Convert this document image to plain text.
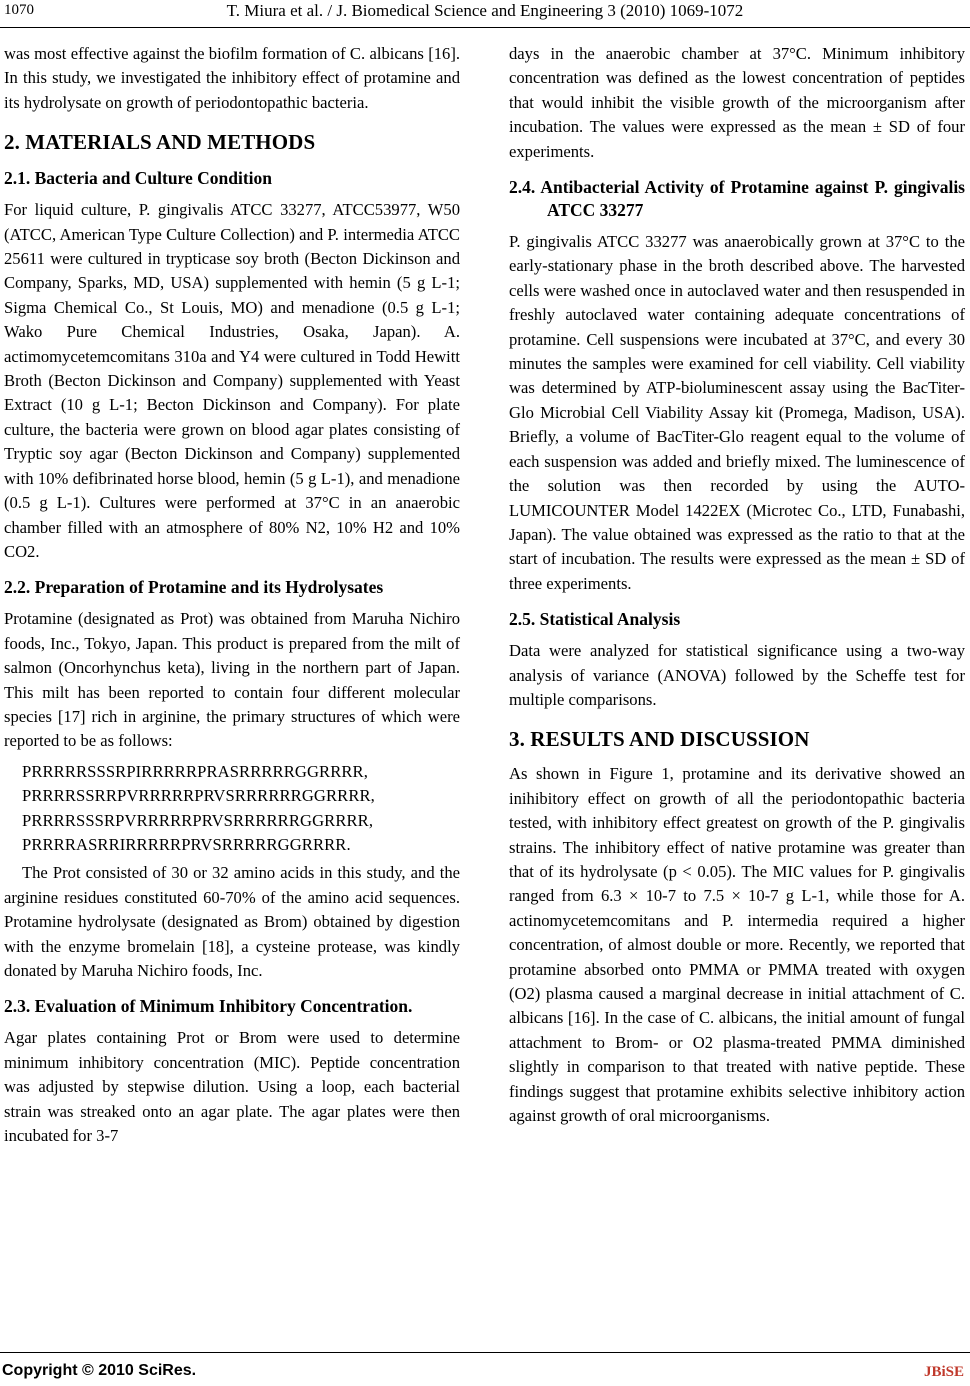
1070	T. Miura et al. / J. Biomedical Science and Engineering 3 (2010) 1069-1072

was most effective against the biofilm formation of C. albicans [16]. In this study, we investigated the inhibitory effect of protamine and its hydrolysate on growth of periodontopathic bacteria.

2. MATERIALS AND METHODS
2.1. Bacteria and Culture Condition

For liquid culture, P. gingivalis ATCC 33277, ATCC53977, W50 (ATCC, American Type Culture Collection) and P. intermedia ATCC 25611 were cultured in trypticase soy broth (Becton Dickinson and Company, Sparks, MD, USA) supplemented with hemin (5 g L-1; Sigma Chemical Co., St Louis, MO) and menadione (0.5 g L-1; Wako Pure Chemical Industries, Osaka, Japan). A. actimomycetemcomitans 310a and Y4 were cultured in Todd Hewitt Broth (Becton Dickinson and Company) supplemented with Yeast Extract (10 g L-1; Becton Dickinson and Company). For plate culture, the bacteria were grown on blood agar plates consisting of Tryptic soy agar (Becton Dickinson and Company) supplemented with 10% defibrinated horse blood, hemin (5 g L-1), and menadione (0.5 g L-1). Cultures were performed at 37°C in an anaerobic chamber filled with an atmosphere of 80% N2, 10% H2 and 10% CO2.

2.2. Preparation of Protamine and its Hydrolysates

Protamine (designated as Prot) was obtained from Maruha Nichiro foods, Inc., Tokyo, Japan. This product is prepared from the milt of salmon (Oncorhynchus keta), living in the northern part of Japan. This milt has been reported to contain four different molecular species [17] rich in arginine, the primary structures of which were reported to be as follows:

PRRRRRSSSRPIRRRRRPRASRRRRRGGRRRR,
PRRRRSSRRPVRRRRRPRVSRRRRRRGGRRRR,
PRRRRSSSRPVRRRRRPRVSRRRRRRGGRRRR,
PRRRRASRRIRRRRRPRVSRRRRRGGRRRR.

The Prot consisted of 30 or 32 amino acids in this study, and the arginine residues constituted 60-70% of the amino acid sequences. Protamine hydrolysate (designated as Brom) obtained by digestion with the enzyme bromelain [18], a cysteine protease, was kindly donated by Maruha Nichiro foods, Inc.

2.3. Evaluation of Minimum Inhibitory Concentration.

Agar plates containing Prot or Brom were used to determine minimum inhibitory concentration (MIC). Peptide concentration was adjusted by stepwise dilution. Using a loop, each bacterial strain was streaked onto an agar plate. The agar plates were then incubated for 3-7

days in the anaerobic chamber at 37°C. Minimum inhibitory concentration was defined as the lowest concentration of peptides that would inhibit the visible growth of the microorganism after incubation. The values were expressed as the mean ± SD of four experiments.

2.4. Antibacterial Activity of Protamine against P. gingivalis ATCC 33277

P. gingivalis ATCC 33277 was anaerobically grown at 37°C to the early-stationary phase in the broth described above. The harvested cells were washed once in autoclaved water and then resuspended in freshly autoclaved water containing adequate concentrations of protamine. Cell suspensions were incubated at 37°C, and every 30 minutes the samples were examined for cell viability. Cell viability was determined by ATP-bioluminescent assay using the BacTiter-Glo Microbial Cell Viability Assay kit (Promega, Madison, USA). Briefly, a volume of BacTiter-Glo reagent equal to the volume of each suspension was added and briefly mixed. The luminescence of the solution was then recorded by using the AUTO-LUMICOUNTER Model 1422EX (Microtec Co., LTD, Funabashi, Japan). The value obtained was expressed as the ratio to that at the start of incubation. The results were expressed as the mean ± SD of three experiments.

2.5. Statistical Analysis

Data were analyzed for statistical significance using a two-way analysis of variance (ANOVA) followed by the Scheffe test for multiple comparisons.

3. RESULTS AND DISCUSSION

As shown in Figure 1, protamine and its derivative showed an inihibitory effect on growth of all the periodontopathic bacteria tested, with inhibitory effect greatest on growth of the P. gingivalis strains. The inhibitory effect of native protamine was greater than that of its hydrolysate (p < 0.05). The MIC values for P. gingivalis ranged from 6.3 × 10-7 to 7.5 × 10-7 g L-1, while those for A. actinomycetemcomitans and P. intermedia required a higher concentration, of almost double or more. Recently, we reported that protamine absorbed onto PMMA or PMMA treated with oxygen (O2) plasma caused a marginal decrease in initial attachment of C. albicans [16]. In the case of C. albicans, the initial amount of fungal attachment to Brom- or O2 plasma-treated PMMA diminished slightly in comparison to that treated with native peptide. These findings suggest that protamine exhibits selective inhibitory action against growth of oral microorganisms.

Copyright © 2010 SciRes.	JBiSE
